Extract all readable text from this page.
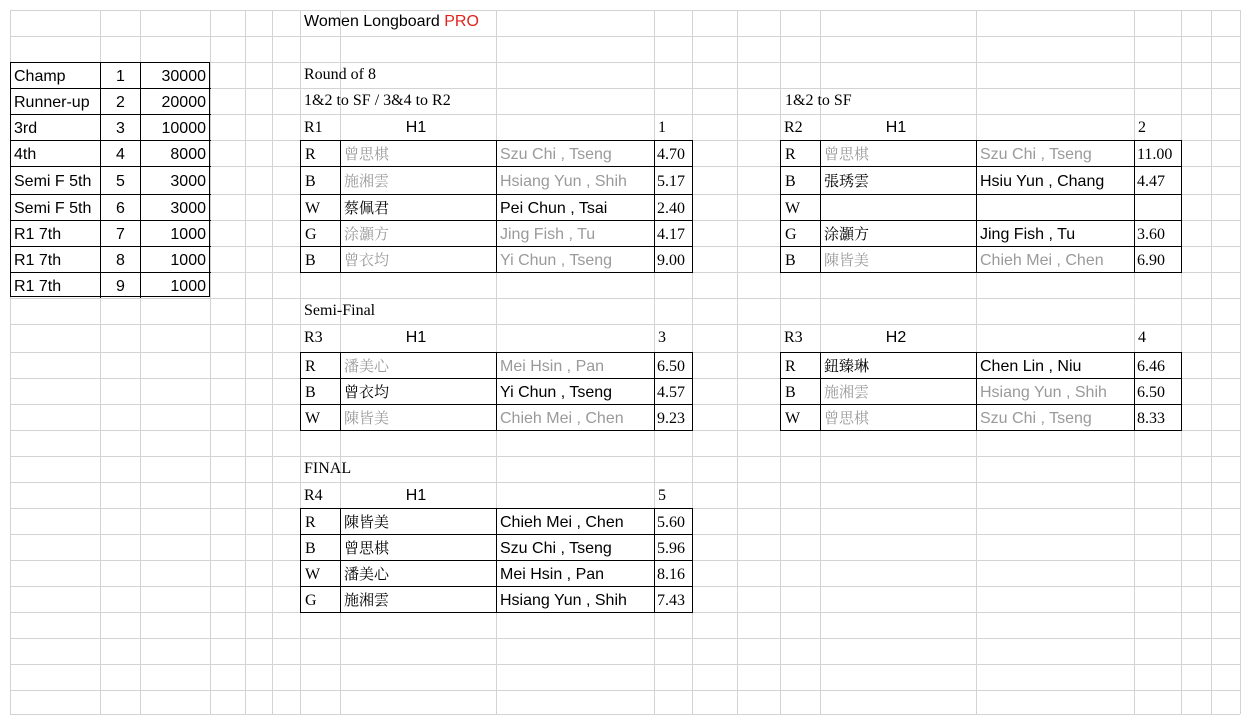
Women Longboard PRO
Champ	1	30000
Runner-up 2	20000
3rd	3	10000
4th	4	8000
Semi F 5th 5	3000
Semi F 5th 6	3000
R1 7th	7	1000
R1 7th	8	1000
R1 7th	9	1000
Round of 8
1&2 to SF / 3&4 to R2	1&2 to SF
Semi-Final
FINAL
R1	H1	1
R 曾思棋	Szu Chi , Tseng	4.70
B 施湘雲	Hsiang Yun , Shih 5.17
W 蔡佩君	Pei Chun , Tsai	2.40
G 涂灝方	Jing Fish , Tu	4.17
B 曾衣均	Yi Chun , Tseng	9.00
R2	H1	2
R 曾思棋	Szu Chi , Tseng	11.00
B 張琇雲	Hsiu Yun , Chang 4.47
W
G 涂灝方	Jing Fish , Tu	3.60
B 陳皆美	Chieh Mei , Chen 6.90
R3	H1	3
R 潘美心	Mei Hsin , Pan	6.50
B 曾衣均	Yi Chun , Tseng	4.57
W 陳皆美	Chieh Mei , Chen 9.23
R3	H2	4
R 鈕臻琳	Chen Lin , Niu	6.46
B 施湘雲	Hsiang Yun , Shih 6.50
W 曾思棋	Szu Chi , Tseng	8.33
R4	H1	5
R 陳皆美	Chieh Mei , Chen 5.60
B 曾思棋	Szu Chi , Tseng	5.96
W 潘美心	Mei Hsin , Pan	8.16
G 施湘雲	Hsiang Yun , Shih 7.43
